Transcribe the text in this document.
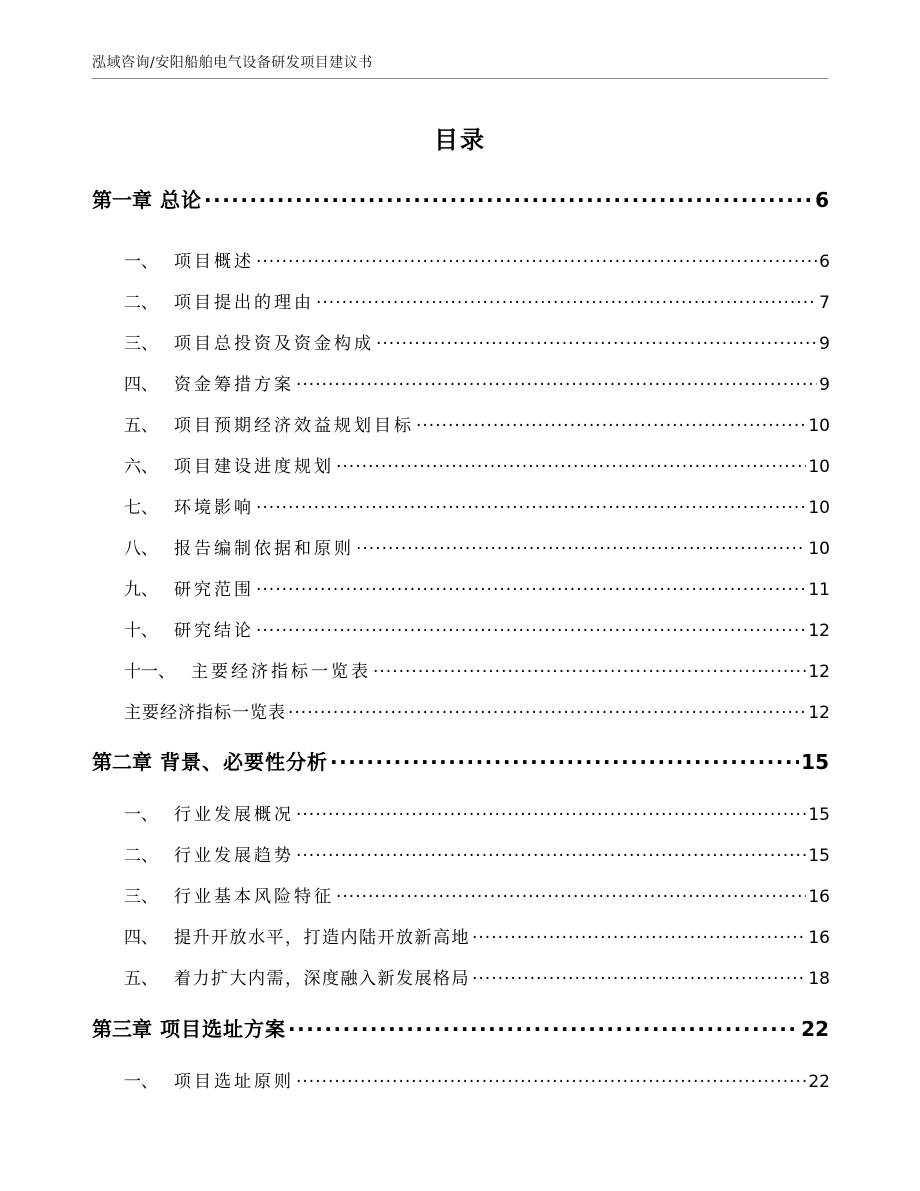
泓域咨询/安阳船舶电气设备研发项目建议书
目录
第一章 总论 .....	6
一、 项目概述 .....	6
二、 项目提出的理由 .....	7
三、 项目总投资及资金构成 .....	9
四、 资金筹措方案 .....	9
五、 项目预期经济效益规划目标 .....	10
六、 项目建设进度规划 .....	10
七、 环境影响 .....	10
八、 报告编制依据和原则 .....	10
九、 研究范围 .....	11
十、 研究结论 .....	12
十一、 主要经济指标一览表 .....	12
主要经济指标一览表 .....	12
第二章 背景、必要性分析 .....	15
一、 行业发展概况 .....	15
二、 行业发展趋势 .....	15
三、 行业基本风险特征 .....	16
四、 提升开放水平，打造内陆开放新高地 .....	16
五、 着力扩大内需，深度融入新发展格局 .....	18
第三章 项目选址方案 .....	22
一、 项目选址原则 .....	22
